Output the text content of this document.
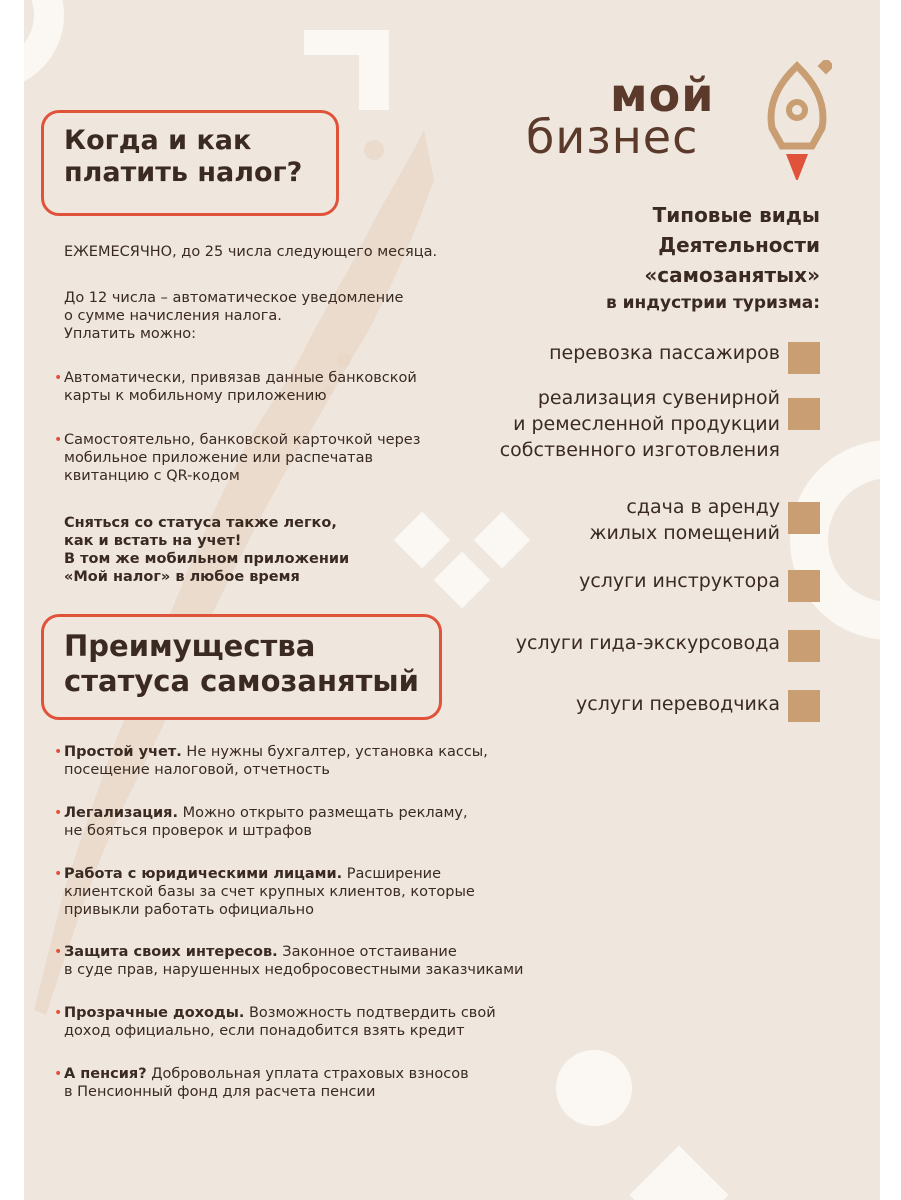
мой
бизнес
Когда и как
платить налог?
ЕЖЕМЕСЯЧНО, до 25 числа следующего месяца.
До 12 числа – автоматическое уведомление
о сумме начисления налога.
Уплатить можно:
• Автоматически, привязав данные банковской
карты к мобильному приложению
• Самостоятельно, банковской карточкой через
мобильное приложение или распечатав
квитанцию с QR-кодом
Сняться со статуса также легко,
как и встать на учет!
В том же мобильном приложении
«Мой налог» в любое время
Преимущества
статуса самозанятый
• Простой учет. Не нужны бухгалтер, установка кассы,
посещение налоговой, отчетность
• Легализация. Можно открыто размещать рекламу,
не бояться проверок и штрафов
• Работа с юридическими лицами. Расширение
клиентской базы за счет крупных клиентов, которые
привыкли работать официально
• Защита своих интересов. Законное отстаивание
в суде прав, нарушенных недобросовестными заказчиками
• Прозрачные доходы. Возможность подтвердить свой
доход официально, если понадобится взять кредит
• А пенсия? Добровольная уплата страховых взносов
в Пенсионный фонд для расчета пенсии
Типовые виды
Деятельности
«самозанятых»
в индустрии туризма:
перевозка пассажиров
реализация сувенирной
и ремесленной продукции
собственного изготовления
сдача в аренду
жилых помещений
услуги инструктора
услуги гида-экскурсовода
услуги переводчика
